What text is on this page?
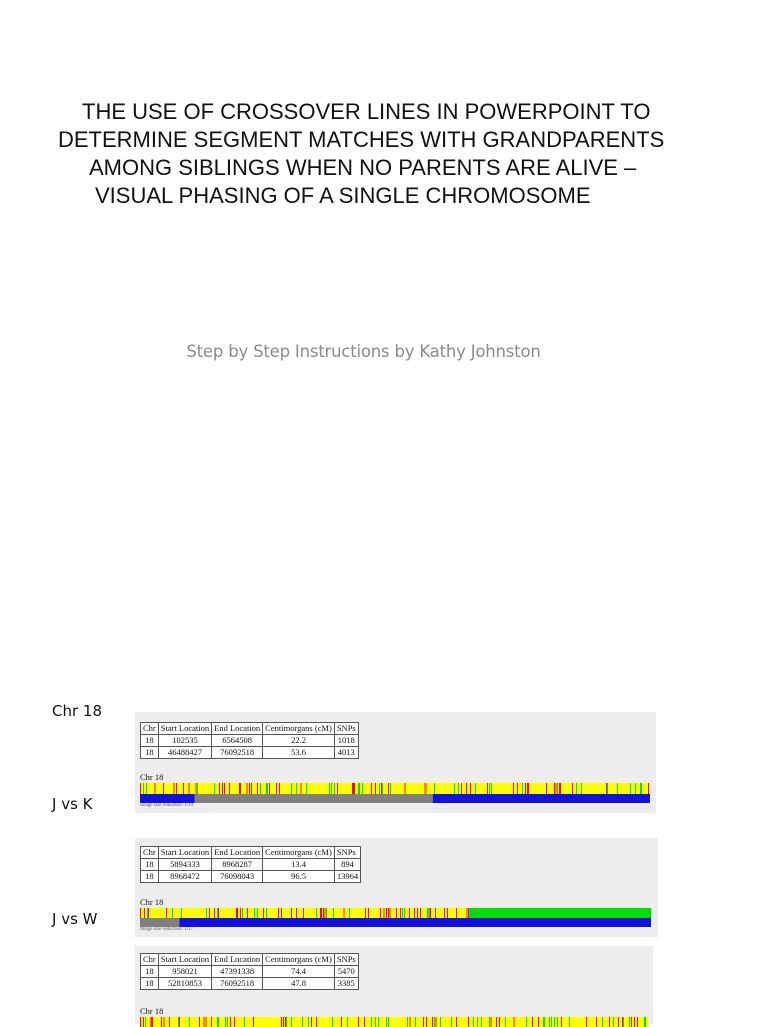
THE USE OF CROSSOVER LINES IN POWERPOINT TO
DETERMINE SEGMENT MATCHES WITH GRANDPARENTS
AMONG SIBLINGS WHEN NO PARENTS ARE ALIVE –
VISUAL PHASING OF A SINGLE CHROMOSOME
Step by Step Instructions by Kathy Johnston
Chr 18
J vs K
J vs W
Chr	Start Location	End Location	Centimorgans (cM)	SNPs
18	102535	6564508	22.2	1018
18	46488427	76092518	53.6	4013
Chr 18
Image size reduction: 1/19
Chr	Start Location	End Location	Centimorgans (cM)	SNPs
18	5894333	8968287	13.4	894
18	8968472	76098043	96.5	13964
Chr 18
Image size reduction: 1/17
Chr	Start Location	End Location	Centimorgans (cM)	SNPs
18	958021	47391338	74.4	5470
18	52810853	76092518	47.8	3385
Chr 18
